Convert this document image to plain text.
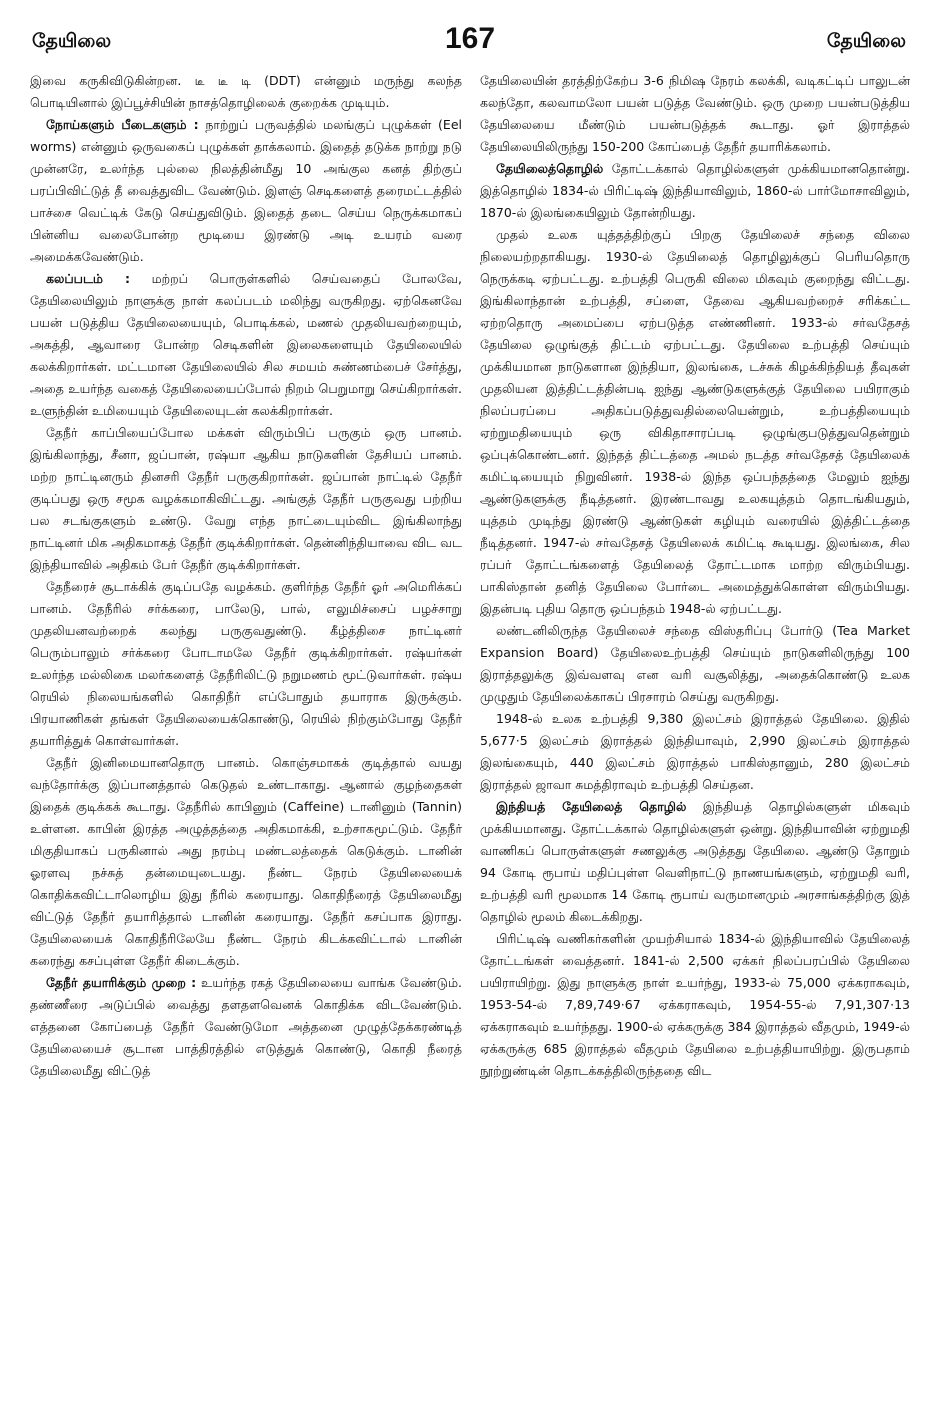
தேயிலை	167	தேயிலை

இவை கருகிவிடுகின்றன. டீ டீ டி (DDT) என்னும் மருந்து கலந்த பொடியினால் இப்பூச்சியின் நாசத்தொழிலைக் குறைக்க முடியும்.

நோய்களும் பீடைகளும் : நாற்றுப் பருவத்தில் மலங்குப் புழுக்கள் (Eel worms) என்னும் ஒருவகைப் புழுக்கள் தாக்கலாம். இதைத் தடுக்க நாற்று நடு முன்னரே, உலர்ந்த புல்லை நிலத்தின்மீது 10 அங்குல கனத் திற்குப் பரப்பிவிட்டுத் தீ வைத்துவிட வேண்டும். இளஞ் செடிகளைத் தரைமட்டத்தில் பாச்சை வெட்டிக் கேடு செய்துவிடும். இதைத் தடை செய்ய நெருக்கமாகப் பின்னிய வலைபோன்ற மூடியை இரண்டு அடி உயரம் வரை அமைக்கவேண்டும்.

கலப்படம் : மற்றப் பொருள்களில் செய்வதைப் போலவே, தேயிலையிலும் நாளுக்கு நாள் கலப்படம் மலிந்து வருகிறது. ஏற்கெனவே பயன் படுத்திய தேயிலையையும், பொடிக்கல், மணல் முதலியவற்றையும், அகத்தி, ஆவாரை போன்ற செடிகளின் இலைகளையும் தேயிலையில் கலக்கிறார்கள். மட்டமான தேயிலையில் சில சமயம் சுண்ணம்பைச் சேர்த்து, அதை உயர்ந்த வகைத் தேயிலையைப்போல் நிறம் பெறுமாறு செய்கிறார்கள். உளுந்தின் உமியையும் தேயிலையுடன் கலக்கிறார்கள்.

தேநீர் காப்பியைப்போல மக்கள் விரும்பிப் பருகும் ஒரு பானம். இங்கிலாந்து, சீனா, ஜப்பான், ரஷ்யா ஆகிய நாடுகளின் தேசியப் பானம். மற்ற நாட்டினரும் தினசரி தேநீர் பருகுகிறார்கள். ஜப்பான் நாட்டில் தேநீர் குடிப்பது ஒரு சமூக வழக்கமாகிவிட்டது. அங்குத் தேநீர் பருகுவது பற்றிய பல சடங்குகளும் உண்டு. வேறு எந்த நாட்டையும்விட இங்கிலாந்து நாட்டினர் மிக அதிகமாகத் தேநீர் குடிக்கிறார்கள். தென்னிந்தியாவை விட வட இந்தியாவில் அதிகம் பேர் தேநீர் குடிக்கிறார்கள்.

தேநீரைச் சூடாக்கிக் குடிப்பதே வழக்கம். குளிர்ந்த தேநீர் ஓர் அமெரிக்கப் பானம். தேநீரில் சர்க்கரை, பாலேடு, பால், எலுமிச்சைப் பழச்சாறு முதலியனவற்றைக் கலந்து பருகுவதுண்டு. கீழ்த்திசை நாட்டினர் பெரும்பாலும் சர்க்கரை போடாமலே தேநீர் குடிக்கிறார்கள். ரஷ்யர்கள் உலர்ந்த மல்லிகை மலர்களைத் தேநீரிலிட்டு நறுமணம் மூட்டுவார்கள். ரஷ்ய ரெயில் நிலையங்களில் கொதிநீர் எப்போதும் தயாராக இருக்கும். பிரயாணிகள் தங்கள் தேயிலையைக்கொண்டு, ரெயில் நிற்கும்போது தேநீர் தயாரித்துக் கொள்வார்கள்.

தேநீர் இனிமையானதொரு பானம். கொஞ்சமாகக் குடித்தால் வயது வந்தோர்க்கு இப்பானத்தால் கெடுதல் உண்டாகாது. ஆனால் குழந்தைகள் இதைக் குடிக்கக் கூடாது. தேநீரில் காபினும் (Caffeine) டானினும் (Tannin) உள்ளன. காபின் இரத்த அழுத்தத்தை அதிகமாக்கி, உற்சாகமூட்டும். தேநீர் மிகுதியாகப் பருகினால் அது நரம்பு மண்டலத்தைக் கெடுக்கும். டானின் ஓரளவு நச்சுத் தன்மையுடையது. நீண்ட நேரம் தேயிலையைக் கொதிக்கவிட்டாலொழிய இது நீரில் கரையாது. கொதிநீரைத் தேயிலைமீது விட்டுத் தேநீர் தயாரித்தால் டானின் கரையாது. தேநீர் கசப்பாக இராது. தேயிலையைக் கொதிநீரிலேயே நீண்ட நேரம் கிடக்கவிட்டால் டானின் கரைந்து கசப்புள்ள தேநீர் கிடைக்கும்.

தேநீர் தயாரிக்கும் முறை : உயர்ந்த ரகத் தேயிலையை வாங்க வேண்டும். தண்ணீரை அடுப்பில் வைத்து தளதளவெனக் கொதிக்க விடவேண்டும். எத்தனை கோப்பைத் தேநீர் வேண்டுமோ அத்தனை முழுத்தேக்கரண்டித் தேயிலையைச் சூடான பாத்திரத்தில் எடுத்துக் கொண்டு, கொதி நீரைத் தேயிலைமீது விட்டுத்

தேயிலையின் தரத்திற்கேற்ப 3-6 நிமிஷ நேரம் கலக்கி, வடிகட்டிப் பாலுடன் கலந்தோ, கலவாமலோ பயன் படுத்த வேண்டும். ஒரு முறை பயன்படுத்திய தேயிலையை மீண்டும் பயன்படுத்தக் கூடாது. ஓர் இராத்தல் தேயிலையிலிருந்து 150-200 கோப்பைத் தேநீர் தயாரிக்கலாம்.

தேயிலைத்தொழில் தோட்டக்கால் தொழில்களுள் முக்கியமானதொன்று. இத்தொழில் 1834-ல் பிரிட்டிஷ் இந்தியாவிலும், 1860-ல் பார்மோசாவிலும், 1870-ல் இலங்கையிலும் தோன்றியது.

முதல் உலக யுத்தத்திற்குப் பிறகு தேயிலைச் சந்தை விலை நிலையற்றதாகியது. 1930-ல் தேயிலைத் தொழிலுக்குப் பெரியதொரு நெருக்கடி ஏற்பட்டது. உற்பத்தி பெருகி விலை மிகவும் குறைந்து விட்டது. இங்கிலாந்தான் உற்பத்தி, சப்ளை, தேவை ஆகியவற்றைச் சரிக்கட்ட ஏற்றதொரு அமைப்பை ஏற்படுத்த எண்ணினர். 1933-ல் சர்வதேசத் தேயிலை ஒழுங்குத் திட்டம் ஏற்பட்டது. தேயிலை உற்பத்தி செய்யும் முக்கியமான நாடுகளான இந்தியா, இலங்கை, டச்சுக் கிழக்கிந்தியத் தீவுகள் முதலியன இத்திட்டத்தின்படி ஐந்து ஆண்டுகளுக்குத் தேயிலை பயிராகும் நிலப்பரப்பை அதிகப்படுத்துவதில்லையென்றும், உற்பத்தியையும் ஏற்றுமதியையும் ஒரு விகிதாசாரப்படி ஒழுங்குபடுத்துவதென்றும் ஒப்புக்கொண்டனர். இந்தத் திட்டத்தை அமல் நடத்த சர்வதேசத் தேயிலைக் கமிட்டியையும் நிறுவினர். 1938-ல் இந்த ஒப்பந்தத்தை மேலும் ஐந்து ஆண்டுகளுக்கு நீடித்தனர். இரண்டாவது உலகயுத்தம் தொடங்கியதும், யுத்தம் முடிந்து இரண்டு ஆண்டுகள் கழியும் வரையில் இத்திட்டத்தை நீடித்தனர். 1947-ல் சர்வதேசத் தேயிலைக் கமிட்டி கூடியது. இலங்கை, சில ரப்பர் தோட்டங்களைத் தேயிலைத் தோட்டமாக மாற்ற விரும்பியது. பாகிஸ்தான் தனித் தேயிலை போர்டை அமைத்துக்கொள்ள விரும்பியது. இதன்படி புதிய தொரு ஒப்பந்தம் 1948-ல் ஏற்பட்டது.

லண்டனிலிருந்த தேயிலைச் சந்தை விஸ்தரிப்பு போர்டு (Tea Market Expansion Board) தேயிலைஉற்பத்தி செய்யும் நாடுகளிலிருந்து 100 இராத்தலுக்கு இவ்வளவு என வரி வசூலித்து, அதைக்கொண்டு உலக முழுதும் தேயிலைக்காகப் பிரசாரம் செய்து வருகிறது.

1948-ல் உலக உற்பத்தி 9,380 இலட்சம் இராத்தல் தேயிலை. இதில் 5,677·5 இலட்சம் இராத்தல் இந்தியாவும், 2,990 இலட்சம் இராத்தல் இலங்கையும், 440 இலட்சம் இராத்தல் பாகிஸ்தானும், 280 இலட்சம் இராத்தல் ஜாவா சுமத்திராவும் உற்பத்தி செய்தன.

இந்தியத் தேயிலைத் தொழில் இந்தியத் தொழில்களுள் மிகவும் முக்கியமானது. தோட்டக்கால் தொழில்களுள் ஒன்று. இந்தியாவின் ஏற்றுமதி வாணிகப் பொருள்களுள் சணலுக்கு அடுத்தது தேயிலை. ஆண்டு தோறும் 94 கோடி ரூபாய் மதிப்புள்ள வெளிநாட்டு நாணயங்களும், ஏற்றுமதி வரி, உற்பத்தி வரி மூலமாக 14 கோடி ரூபாய் வருமானமும் அரசாங்கத்திற்கு இத் தொழில் மூலம் கிடைக்கிறது.

பிரிட்டிஷ் வணிகர்களின் முயற்சியால் 1834-ல் இந்தியாவில் தேயிலைத் தோட்டங்கள் வைத்தனர். 1841-ல் 2,500 ஏக்கர் நிலப்பரப்பில் தேயிலை பயிராயிற்று. இது நாளுக்கு நாள் உயர்ந்து, 1933-ல் 75,000 ஏக்கராகவும், 1953-54-ல் 7,89,749·67 ஏக்கராகவும், 1954-55-ல் 7,91,307·13 ஏக்கராகவும் உயர்ந்தது. 1900-ல் ஏக்கருக்கு 384 இராத்தல் வீதமும், 1949-ல் ஏக்கருக்கு 685 இராத்தல் வீதமும் தேயிலை உற்பத்தியாயிற்று. இருபதாம் நூற்றுண்டின் தொடக்கத்திலிருந்ததை விட
